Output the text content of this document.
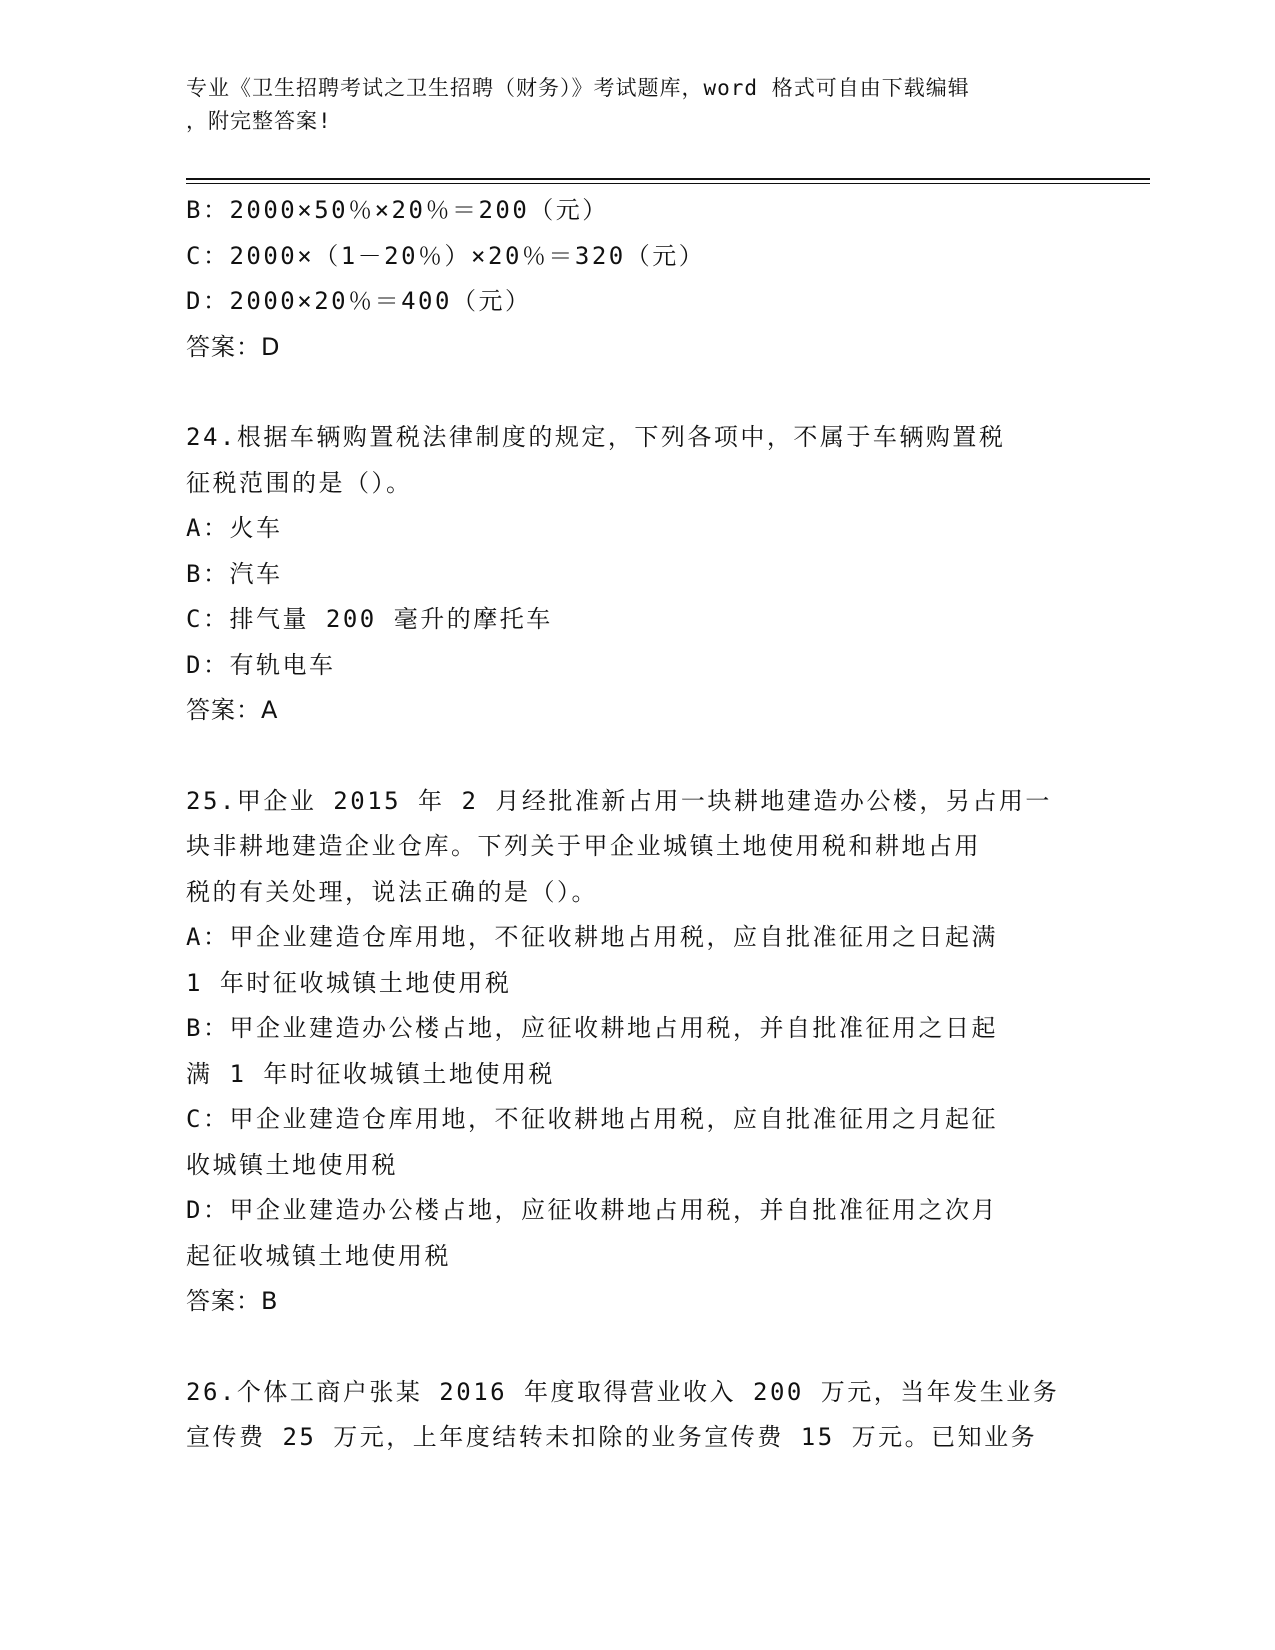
专业《卫生招聘考试之卫生招聘（财务）》考试题库，word 格式可自由下载编辑
，附完整答案!
B：2000×50％×20％＝200（元）
C：2000×（1－20％）×20％＝320（元）
D：2000×20％＝400（元）
答案：D
24.根据车辆购置税法律制度的规定，下列各项中，不属于车辆购置税
征税范围的是（）。
A：火车
B：汽车
C：排气量 200 毫升的摩托车
D：有轨电车
答案：A
25.甲企业 2015 年 2 月经批准新占用一块耕地建造办公楼，另占用一
块非耕地建造企业仓库。下列关于甲企业城镇土地使用税和耕地占用
税的有关处理，说法正确的是（）。
A：甲企业建造仓库用地，不征收耕地占用税，应自批准征用之日起满
1 年时征收城镇土地使用税
B：甲企业建造办公楼占地，应征收耕地占用税，并自批准征用之日起
满 1 年时征收城镇土地使用税
C：甲企业建造仓库用地，不征收耕地占用税，应自批准征用之月起征
收城镇土地使用税
D：甲企业建造办公楼占地，应征收耕地占用税，并自批准征用之次月
起征收城镇土地使用税
答案：B
26.个体工商户张某 2016 年度取得营业收入 200 万元，当年发生业务
宣传费 25 万元，上年度结转未扣除的业务宣传费 15 万元。已知业务
